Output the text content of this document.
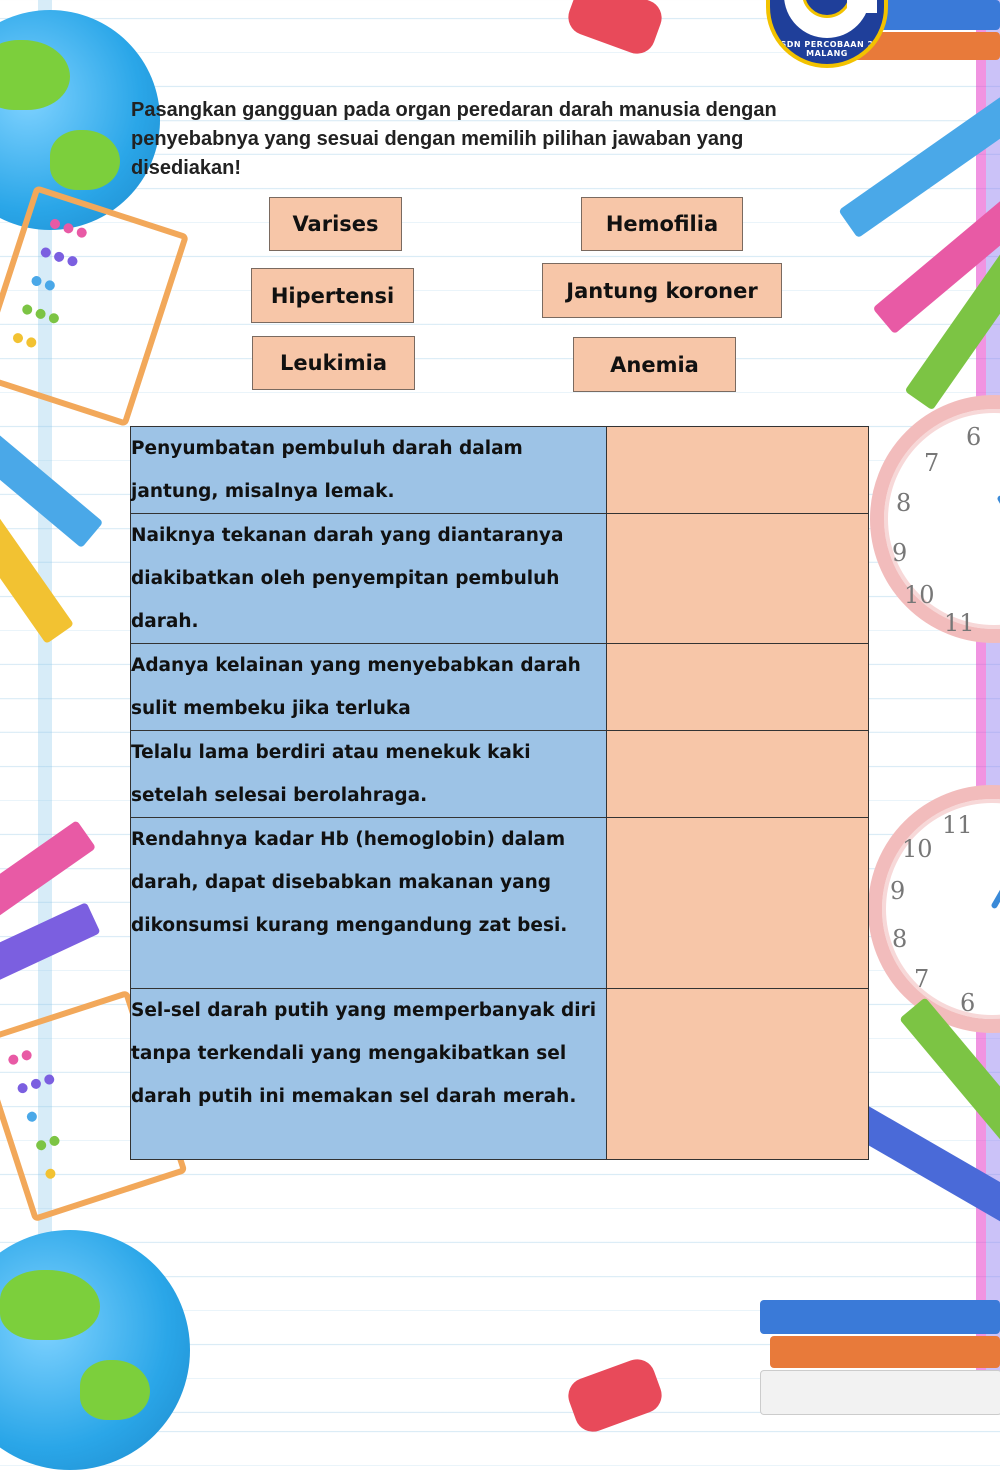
8
9
10
11
7
6
11
10
9
8
7
6
SDN PERCOBAAN 2 MALANG

Pasangkan gangguan pada organ peredaran darah manusia dengan penyebabnya yang sesuai dengan memilih pilihan jawaban yang disediakan!

Varises	Hemofilia
Hipertensi	Jantung koroner
Leukimia	Anemia
Penyumbatan pembuluh darah dalam jantung, misalnya lemak.	
Naiknya tekanan darah yang diantaranya diakibatkan oleh penyempitan pembuluh darah.	
Adanya kelainan yang menyebabkan darah sulit membeku jika terluka	
Telalu lama berdiri atau menekuk kaki setelah selesai berolahraga.	
Rendahnya kadar Hb (hemoglobin) dalam darah, dapat disebabkan makanan yang dikonsumsi kurang mengandung zat besi.	
Sel-sel darah putih yang memperbanyak diri tanpa terkendali yang mengakibatkan sel darah putih ini memakan sel darah merah.	
